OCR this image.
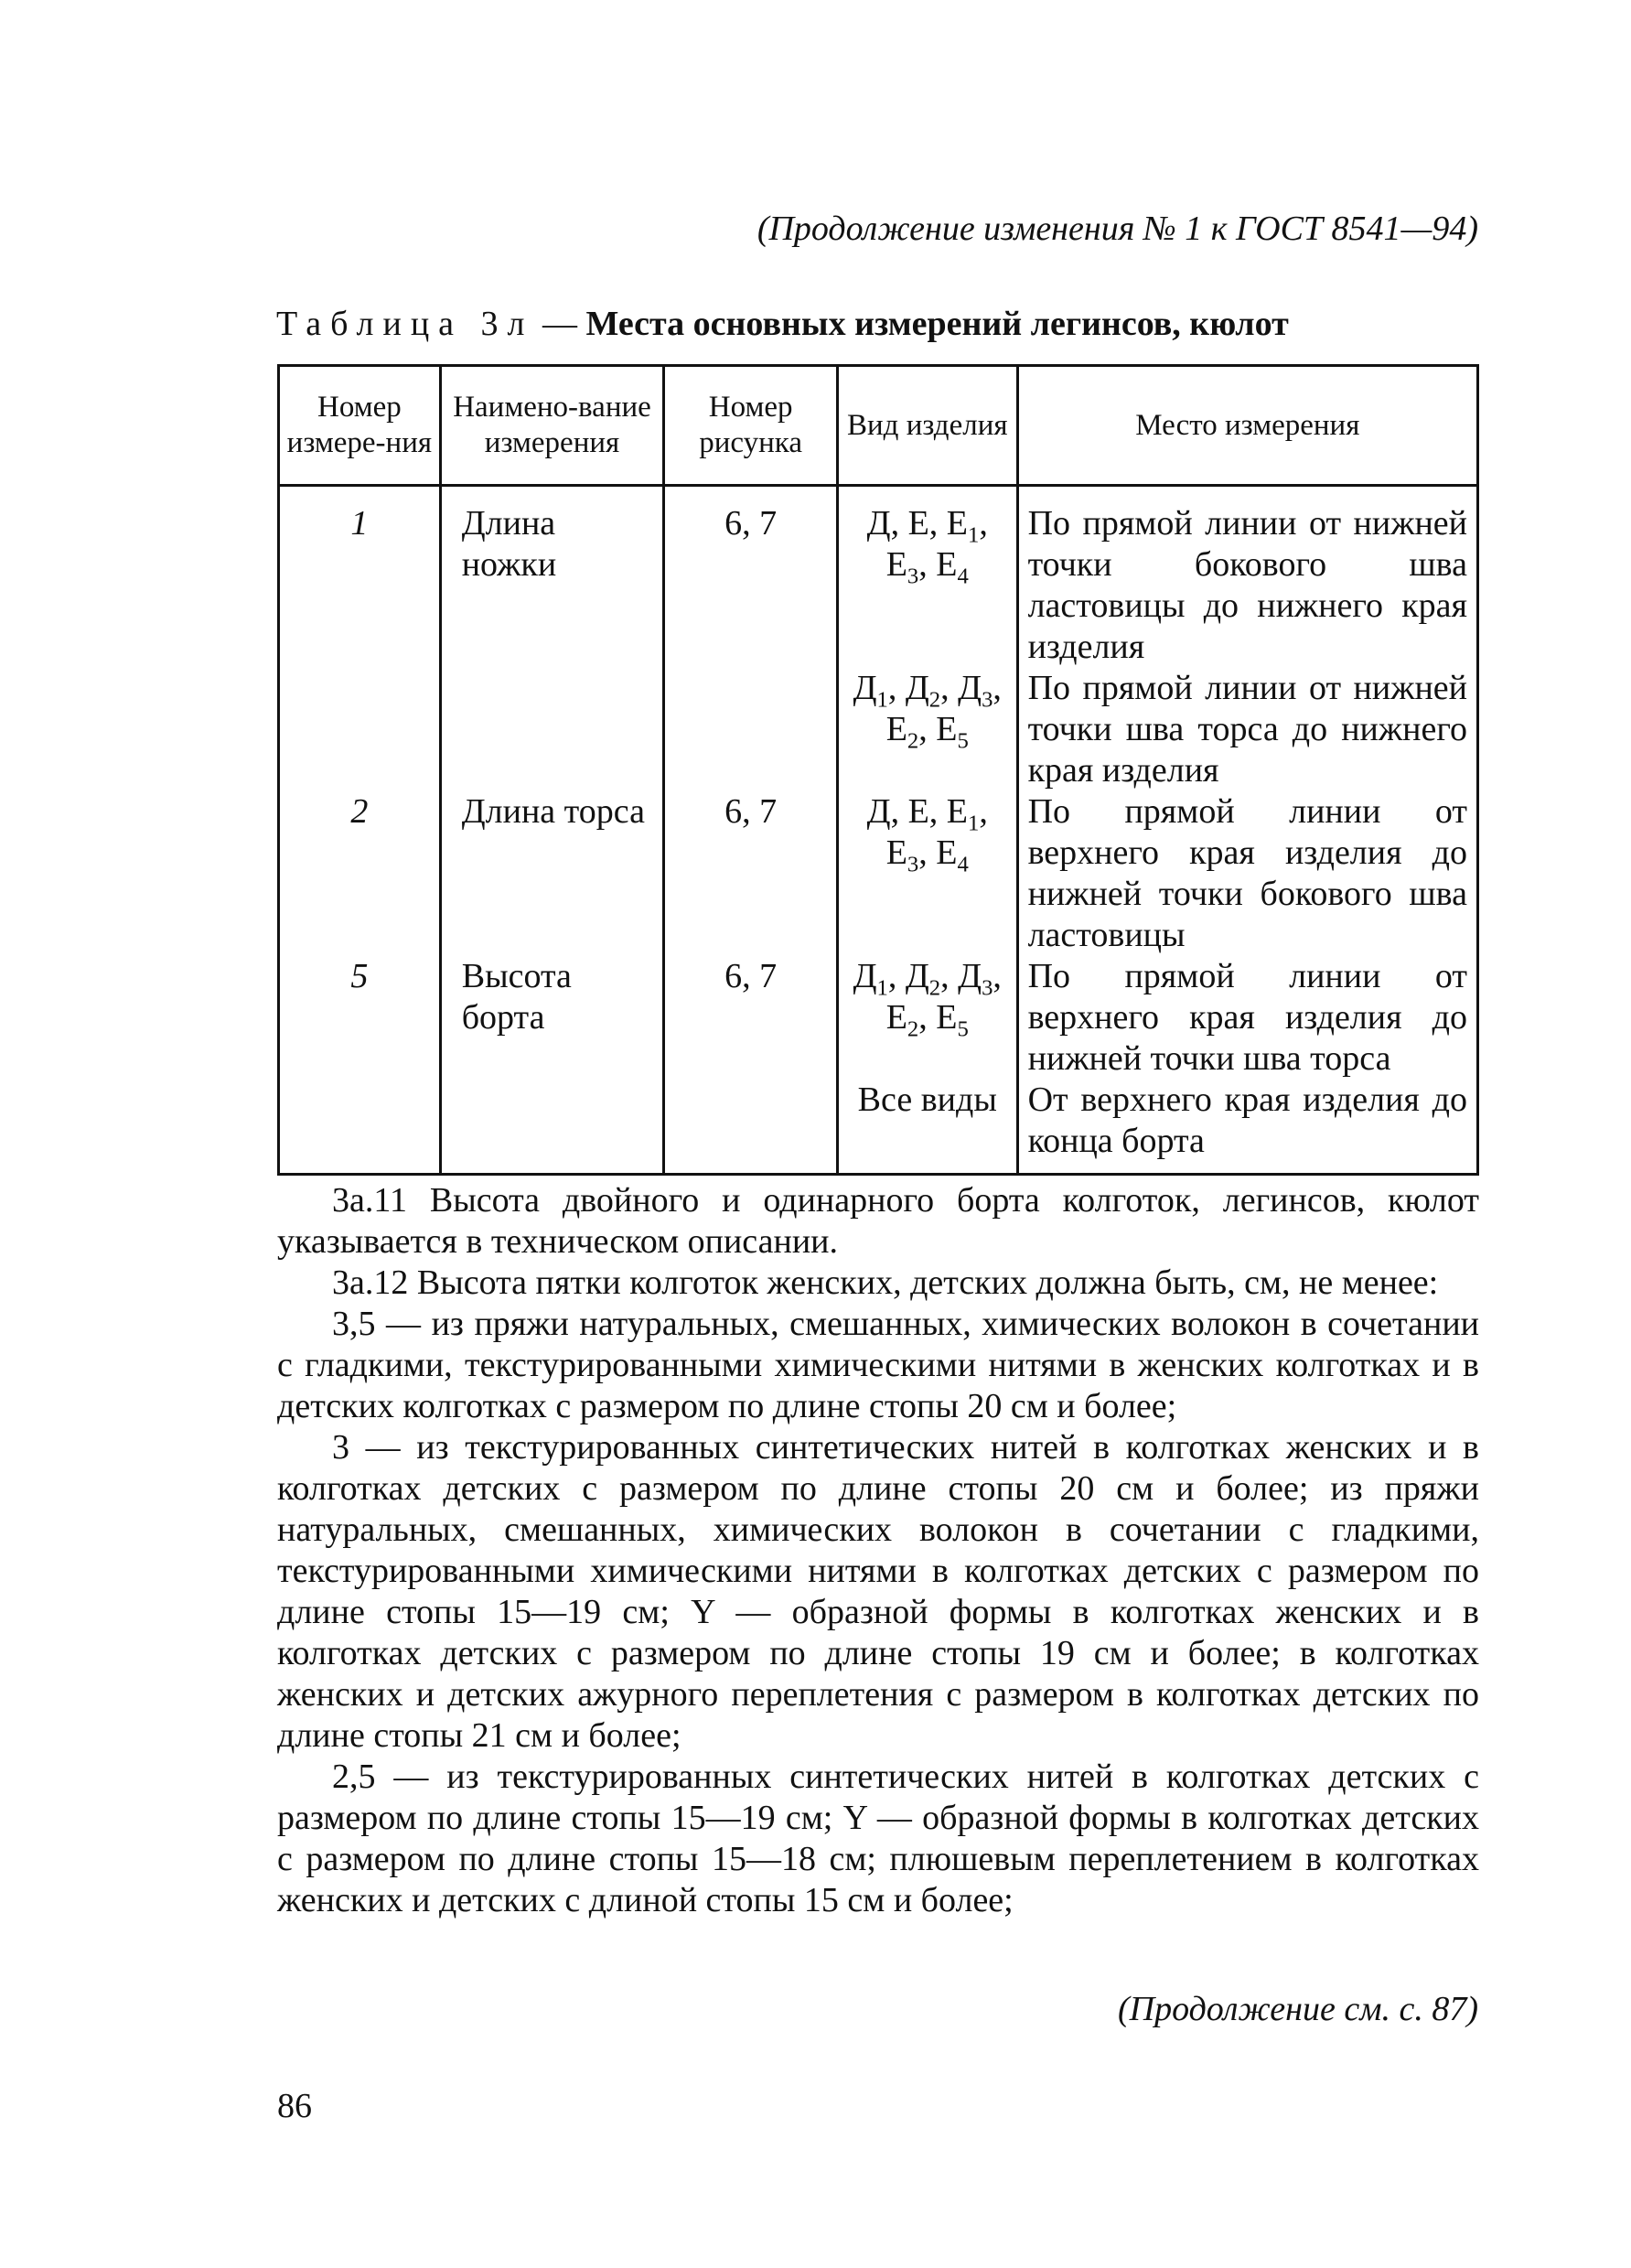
(Продолжение изменения № 1 к ГОСТ 8541—94)
Таблица 3л — Места основных измерений легинсов, кюлот
Номер измере-ния	Наимено-вание измерения	Номер рисунка	Вид изделия	Место измерения
1	Длина ножки	6, 7	Д, Е, $Е_1$, $Е_3$, $Е_4$	По прямой линии от нижней точки бокового шва ластовицы до нижнего края изделия
			$Д_1$, $Д_2$, $Д_3$, $Е_2$, $Е_5$	По прямой линии от нижней точки шва торса до нижнего края изделия
2	Длина торса	6, 7	Д, Е, $Е_1$, $Е_3$, $Е_4$	По прямой линии от верхнего края изделия до нижней точки бокового шва ластовицы
5	Высота борта	6, 7	$Д_1$, $Д_2$, $Д_3$, $Е_2$, $Е_5$	По прямой линии от верхнего края изделия до нижней точки шва торса
			Все виды	От верхнего края изделия до конца борта

3а.11 Высота двойного и одинарного борта колготок, легинсов, кюлот указывается в техническом описании.

3а.12 Высота пятки колготок женских, детских должна быть, см, не менее:

3,5 — из пряжи натуральных, смешанных, химических волокон в сочетании с гладкими, текстурированными химическими нитями в женских колготках и в детских колготках с размером по длине стопы 20 см и более;

3 — из текстурированных синтетических нитей в колготках женских и в колготках детских с размером по длине стопы 20 см и более; из пряжи натуральных, смешанных, химических волокон в сочетании с гладкими, текстурированными химическими нитями в колготках детских с размером по длине стопы 15—19 см; Y — образной формы в колготках женских и в колготках детских с размером по длине стопы 19 см и более; в колготках женских и детских ажурного переплетения с размером в колготках детских по длине стопы 21 см и более;

2,5 — из текстурированных синтетических нитей в колготках детских с размером по длине стопы 15—19 см; Y — образной формы в колготках детских с размером по длине стопы 15—18 см; плюшевым переплетением в колготках женских и детских с длиной стопы 15 см и более;

(Продолжение см. с. 87)
86
